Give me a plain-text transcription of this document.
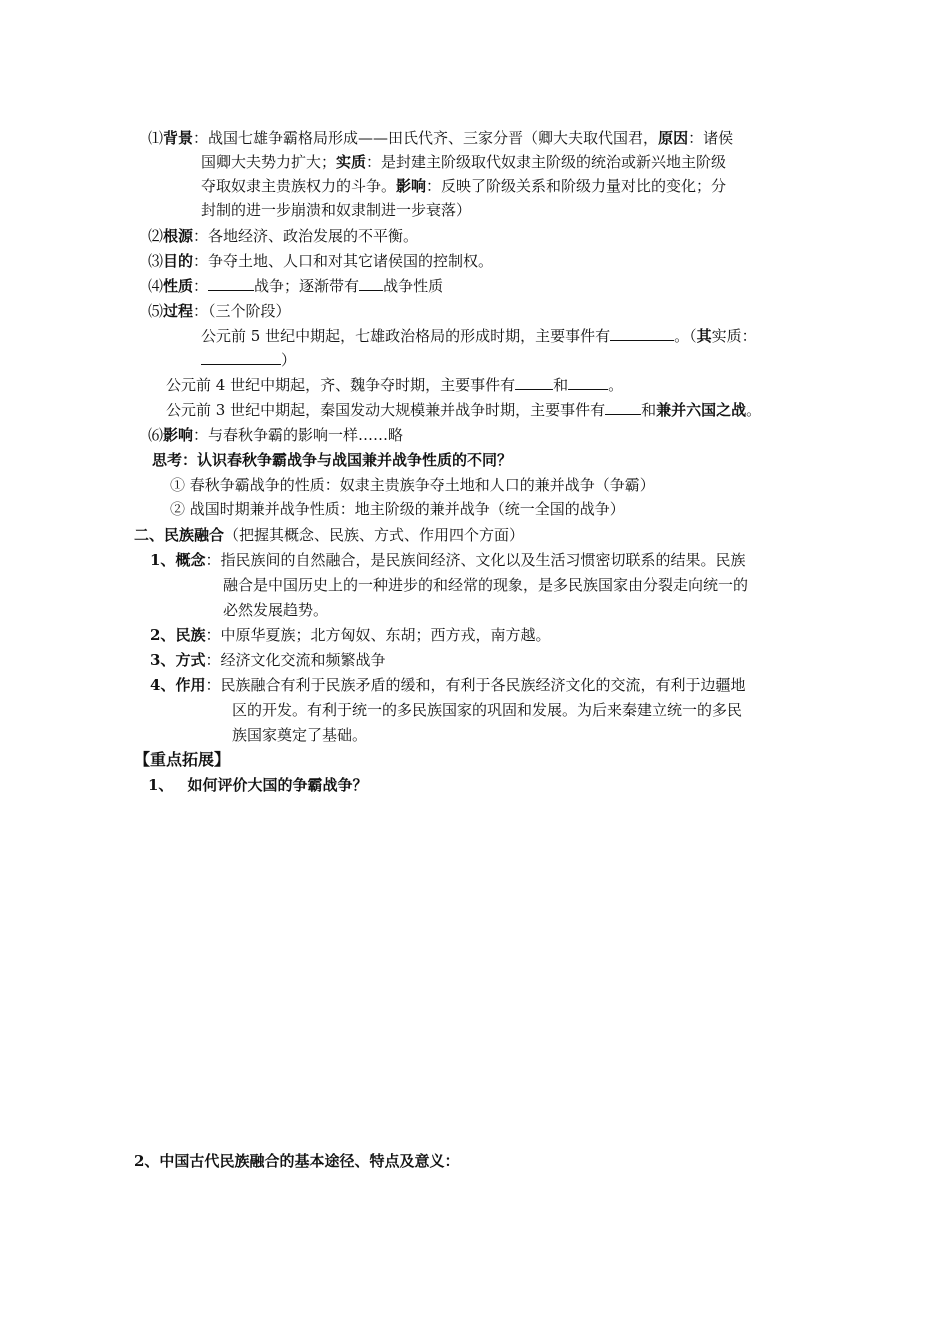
⑴背景：战国七雄争霸格局形成——田氏代齐、三家分晋（卿大夫取代国君，原因：诸侯
国卿大夫势力扩大；实质：是封建主阶级取代奴隶主阶级的统治或新兴地主阶级
夺取奴隶主贵族权力的斗争。影响：反映了阶级关系和阶级力量对比的变化；分
封制的进一步崩溃和奴隶制进一步衰落）
⑵根源：各地经济、政治发展的不平衡。
⑶目的：争夺土地、人口和对其它诸侯国的控制权。
⑷性质：	战争；逐渐带有 战争性质
⑸过程：（三个阶段）
公元前 5 世纪中期起，七雄政治格局的形成时期，主要事件有	。（其实质：
）
公元前 4 世纪中期起，齐、魏争夺时期，主要事件有	和	。
公元前 3 世纪中期起，秦国发动大规模兼并战争时期，主要事件有 和兼并六国之战。
⑹影响：与春秋争霸的影响一样……略
思考：认识春秋争霸战争与战国兼并战争性质的不同？
① 春秋争霸战争的性质：奴隶主贵族争夺土地和人口的兼并战争（争霸）
② 战国时期兼并战争性质：地主阶级的兼并战争（统一全国的战争）
二、民族融合（把握其概念、民族、方式、作用四个方面）
1、概念：指民族间的自然融合，是民族间经济、文化以及生活习惯密切联系的结果。民族
融合是中国历史上的一种进步的和经常的现象，是多民族国家由分裂走向统一的
必然发展趋势。
2、民族：中原华夏族；北方匈奴、东胡；西方戎，南方越。
3、方式：经济文化交流和频繁战争
4、作用：民族融合有利于民族矛盾的缓和，有利于各民族经济文化的交流，有利于边疆地
区的开发。有利于统一的多民族国家的巩固和发展。为后来秦建立统一的多民
族国家奠定了基础。
【重点拓展】
1、 如何评价大国的争霸战争？
2、中国古代民族融合的基本途径、特点及意义：
